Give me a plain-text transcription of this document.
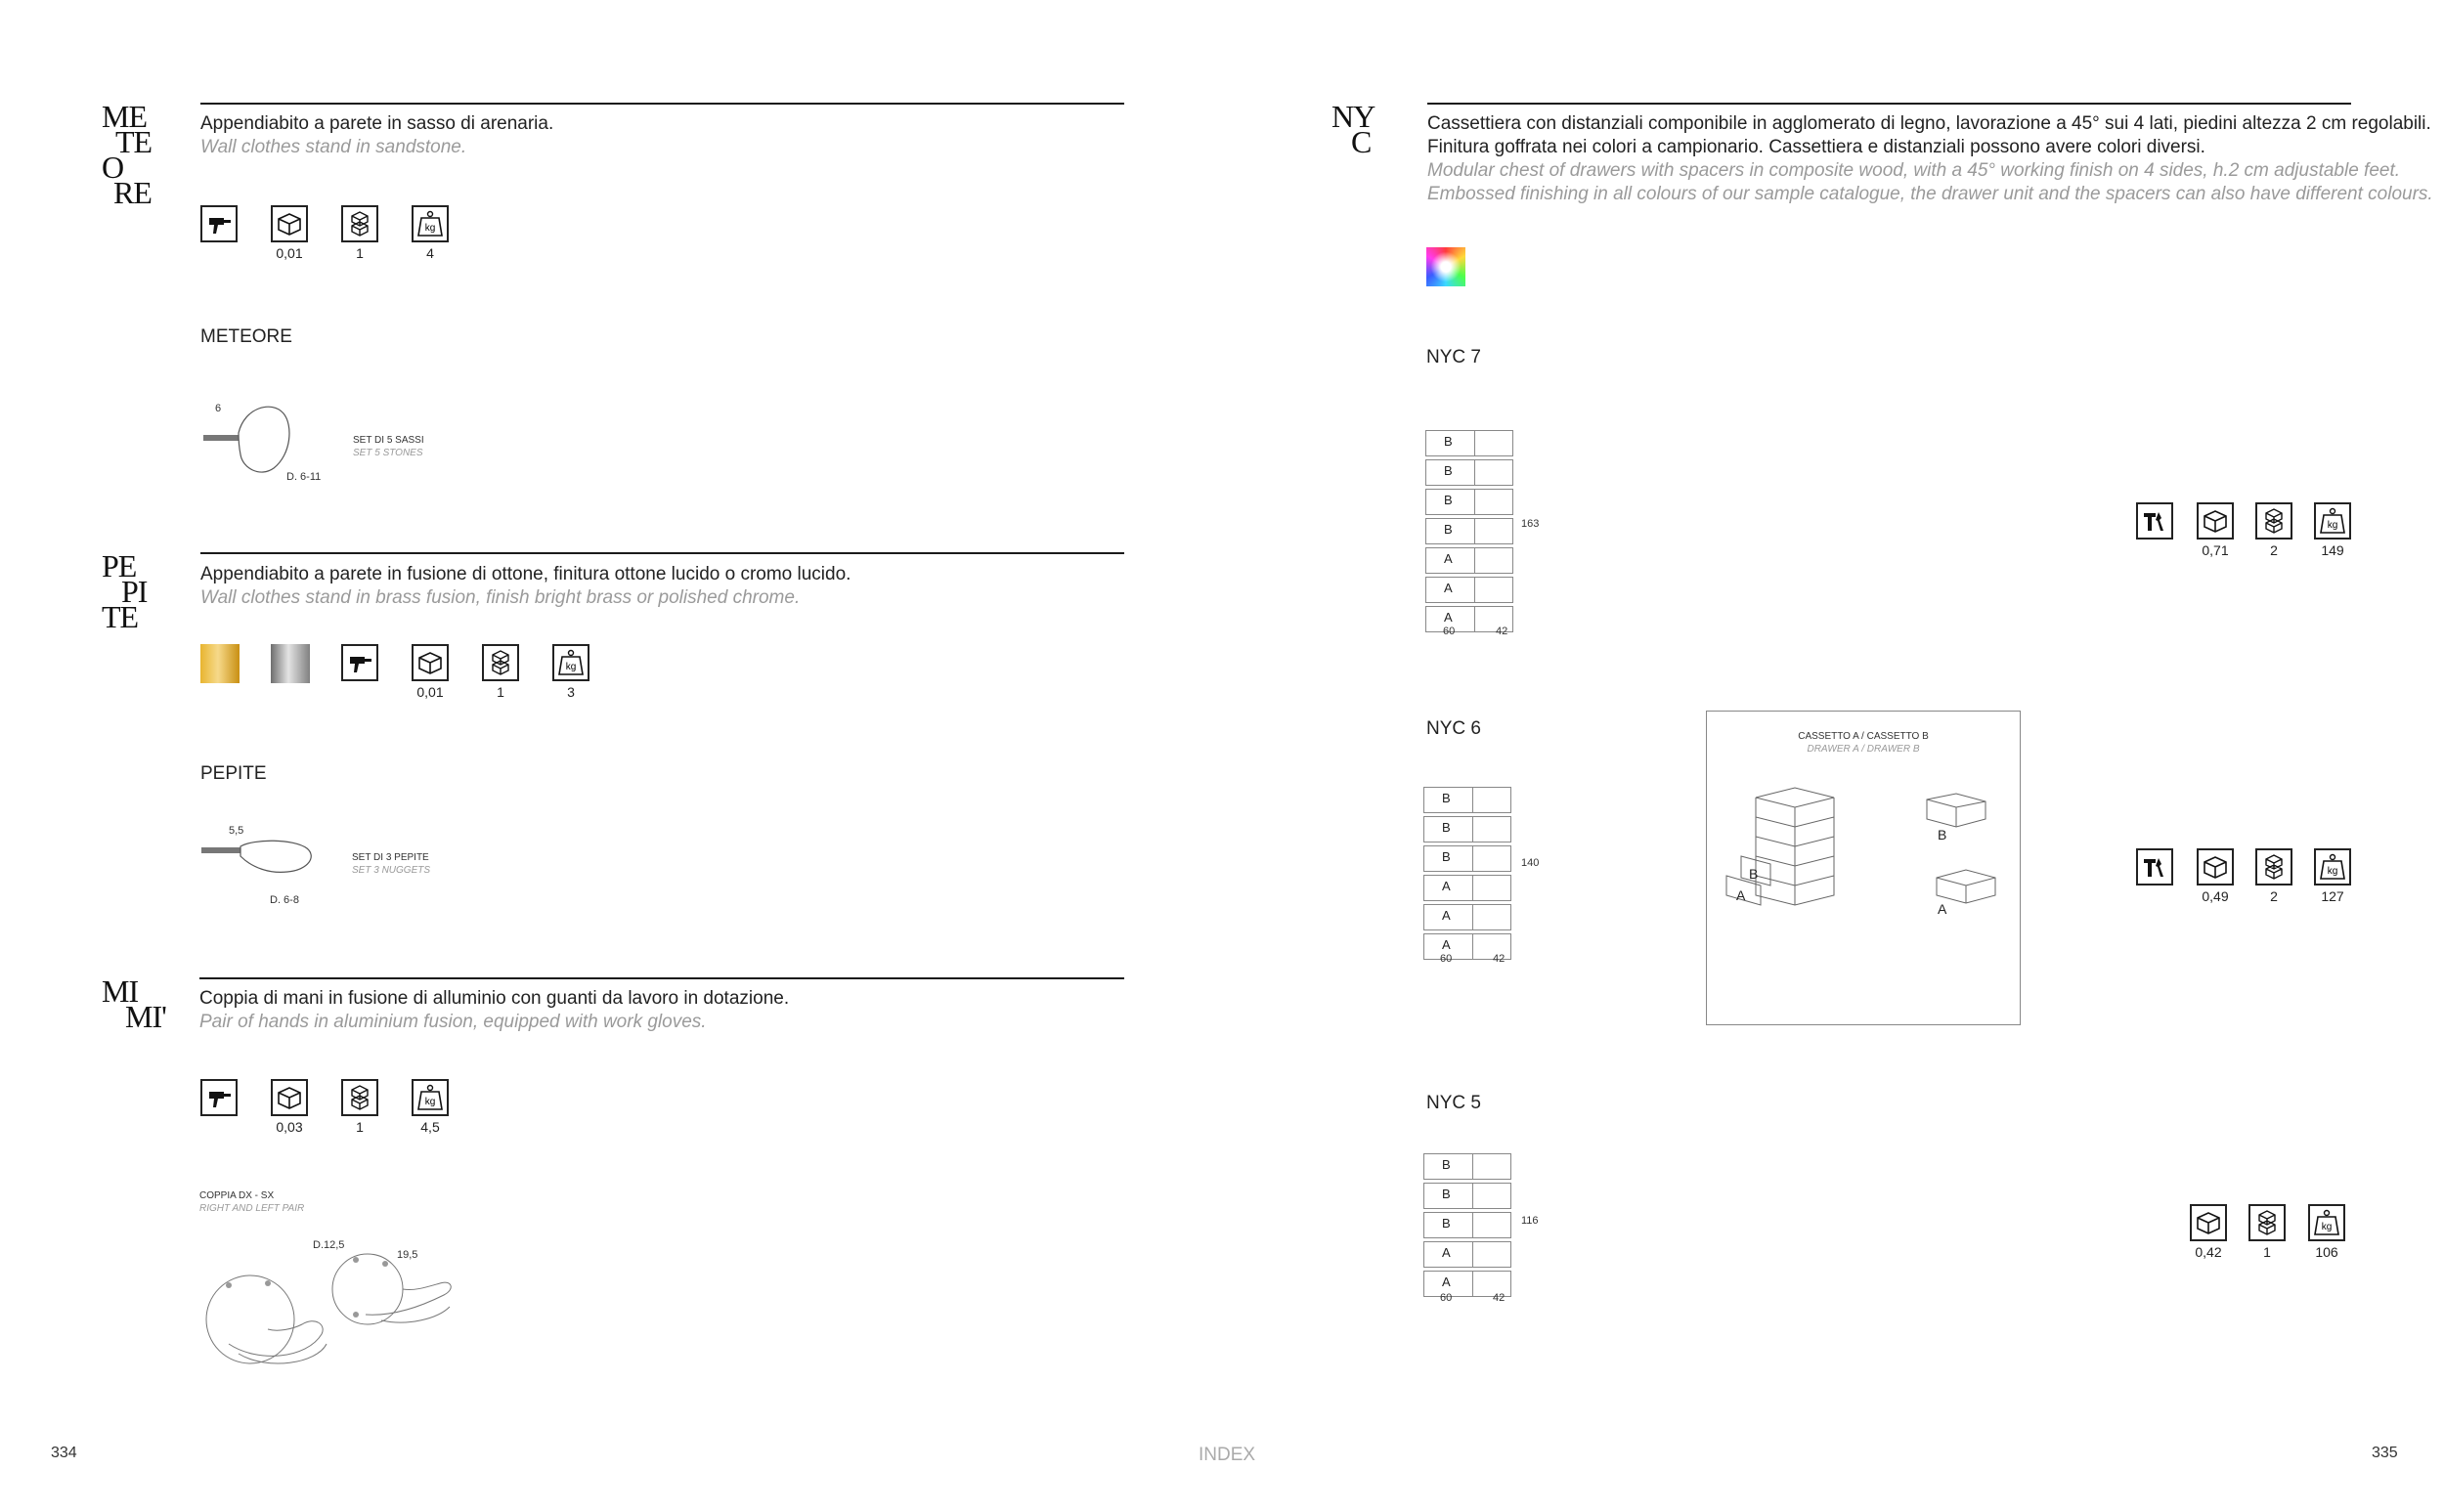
ME
TE
O
RE
Appendiabito a parete in sasso di arenaria.
Wall clothes stand in sandstone.
0,01	1
kg
4
METEORE
6
D. 6-11
SET DI 5 SASSI
SET 5 STONES
PE
PI
TE
Appendiabito a parete in fusione di ottone, finitura ottone lucido o cromo lucido.
Wall clothes stand in brass fusion, finish bright brass or polished chrome.
0,01	1
kg
3
PEPITE
5,5
D. 6-8
SET DI 3 PEPITE
SET 3 NUGGETS
MI
MI'
Coppia di mani in fusione di alluminio con guanti da lavoro in dotazione.
Pair of hands in aluminium fusion, equipped with work gloves.
0,03	1
kg
4,5
COPPIA DX - SX
RIGHT AND LEFT PAIR
D.12,5
19,5
NY
C
Cassettiera con distanziali componibile in agglomerato di legno, lavorazione a 45° sui 4 lati, piedini altezza 2 cm regolabili.
Finitura goffrata nei colori a campionario. Cassettiera e distanziali possono avere colori diversi.
Modular chest of drawers with spacers in composite wood, with a 45° working finish on 4 sides, h.2 cm adjustable feet.
Embossed finishing in all colours of our sample catalogue, the drawer unit and the spacers can also have different colours.
NYC 7
B
B
B
B
A
A
A
163
60	42
0,71	2
kg
149
NYC 6
B
B
B
A
A
A
140
60	42
CASSETTO A / CASSETTO B
DRAWER A / DRAWER B
B
A
B
A
0,49	2
kg
127
NYC 5
B
B
B
A
A
116
60	42
0,42	1
kg
106
334	INDEX	335
